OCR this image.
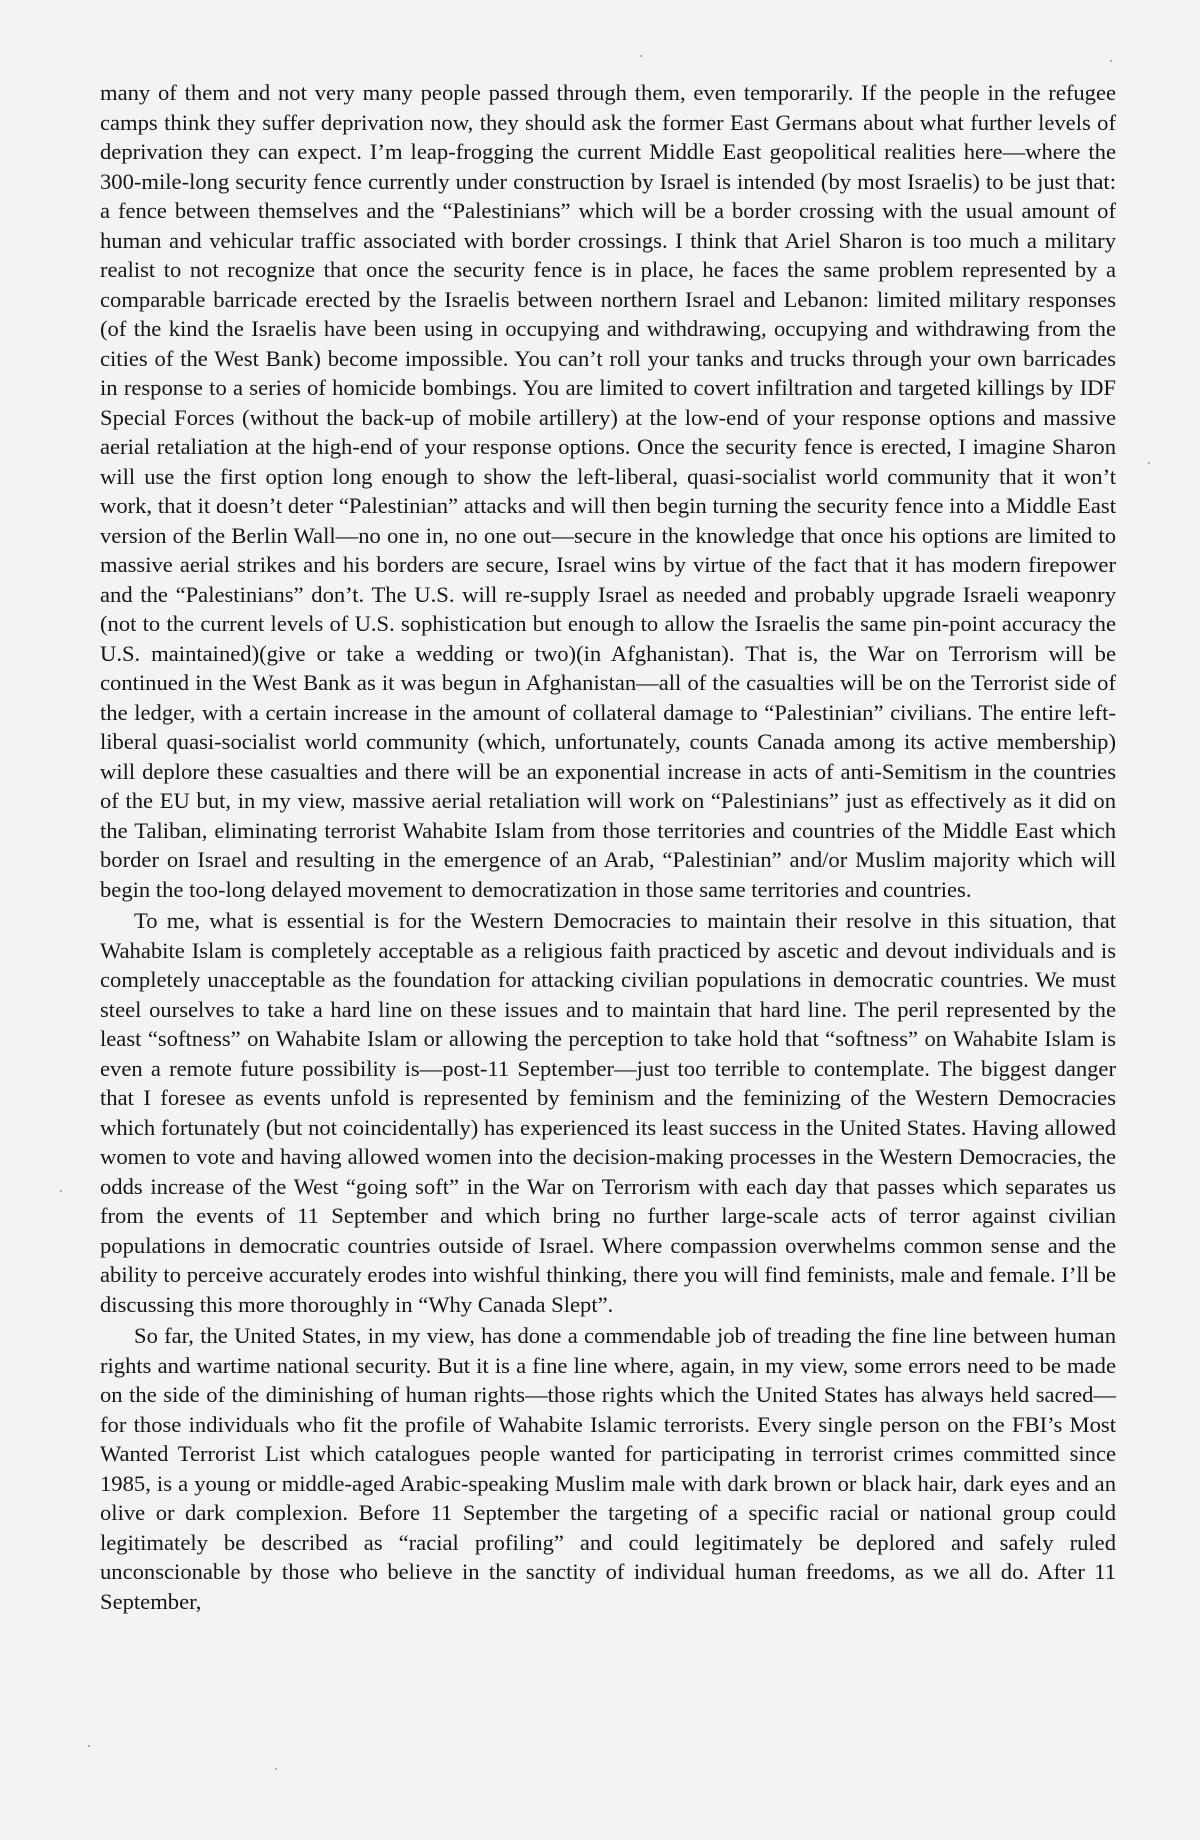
many of them and not very many people passed through them, even temporarily. If the people in the refugee camps think they suffer deprivation now, they should ask the former East Germans about what further levels of deprivation they can expect. I’m leap-frogging the current Middle East geopolitical realities here—where the 300-mile-long security fence currently under construction by Israel is intended (by most Israelis) to be just that: a fence between themselves and the “Palestinians” which will be a border crossing with the usual amount of human and vehicular traffic associated with border crossings. I think that Ariel Sharon is too much a military realist to not recognize that once the security fence is in place, he faces the same problem represented by a comparable barricade erected by the Israelis between northern Israel and Lebanon: limited military responses (of the kind the Israelis have been using in occupying and withdrawing, occupying and withdrawing from the cities of the West Bank) become impossible. You can’t roll your tanks and trucks through your own barricades in response to a series of homicide bombings. You are limited to covert infiltration and targeted killings by IDF Special Forces (without the back-up of mobile artillery) at the low-end of your response options and massive aerial retaliation at the high-end of your response options. Once the security fence is erected, I imagine Sharon will use the first option long enough to show the left-liberal, quasi-socialist world community that it won’t work, that it doesn’t deter “Palestinian” attacks and will then begin turning the security fence into a Middle East version of the Berlin Wall—no one in, no one out—secure in the knowledge that once his options are limited to massive aerial strikes and his borders are secure, Israel wins by virtue of the fact that it has modern firepower and the “Palestinians” don’t. The U.S. will re-supply Israel as needed and probably upgrade Israeli weaponry (not to the current levels of U.S. sophistication but enough to allow the Israelis the same pin-point accuracy the U.S. maintained)(give or take a wedding or two)(in Afghanistan). That is, the War on Terrorism will be continued in the West Bank as it was begun in Afghanistan—all of the casualties will be on the Terrorist side of the ledger, with a certain increase in the amount of collateral damage to “Palestinian” civilians. The entire left-liberal quasi-socialist world community (which, unfortunately, counts Canada among its active membership) will deplore these casualties and there will be an exponential increase in acts of anti-Semitism in the countries of the EU but, in my view, massive aerial retaliation will work on “Palestinians” just as effectively as it did on the Taliban, eliminating terrorist Wahabite Islam from those territories and countries of the Middle East which border on Israel and resulting in the emergence of an Arab, “Palestinian” and/or Muslim majority which will begin the too-long delayed movement to democratization in those same territories and countries.

To me, what is essential is for the Western Democracies to maintain their resolve in this situation, that Wahabite Islam is completely acceptable as a religious faith practiced by ascetic and devout individuals and is completely unacceptable as the foundation for attacking civilian populations in democratic countries. We must steel ourselves to take a hard line on these issues and to maintain that hard line. The peril represented by the least “softness” on Wahabite Islam or allowing the perception to take hold that “softness” on Wahabite Islam is even a remote future possibility is—post-11 September—just too terrible to contemplate. The biggest danger that I foresee as events unfold is represented by feminism and the feminizing of the Western Democracies which fortunately (but not coincidentally) has experienced its least success in the United States. Having allowed women to vote and having allowed women into the decision-making processes in the Western Democracies, the odds increase of the West “going soft” in the War on Terrorism with each day that passes which separates us from the events of 11 September and which bring no further large-scale acts of terror against civilian populations in democratic countries outside of Israel. Where compassion overwhelms common sense and the ability to perceive accurately erodes into wishful thinking, there you will find feminists, male and female. I’ll be discussing this more thoroughly in “Why Canada Slept”.

So far, the United States, in my view, has done a commendable job of treading the fine line between human rights and wartime national security. But it is a fine line where, again, in my view, some errors need to be made on the side of the diminishing of human rights—those rights which the United States has always held sacred—for those individuals who fit the profile of Wahabite Islamic terrorists. Every single person on the FBI’s Most Wanted Terrorist List which catalogues people wanted for participating in terrorist crimes committed since 1985, is a young or middle-aged Arabic-speaking Muslim male with dark brown or black hair, dark eyes and an olive or dark complexion. Before 11 September the targeting of a specific racial or national group could legitimately be described as “racial profiling” and could legitimately be deplored and safely ruled unconscionable by those who believe in the sanctity of individual human freedoms, as we all do. After 11 September,
